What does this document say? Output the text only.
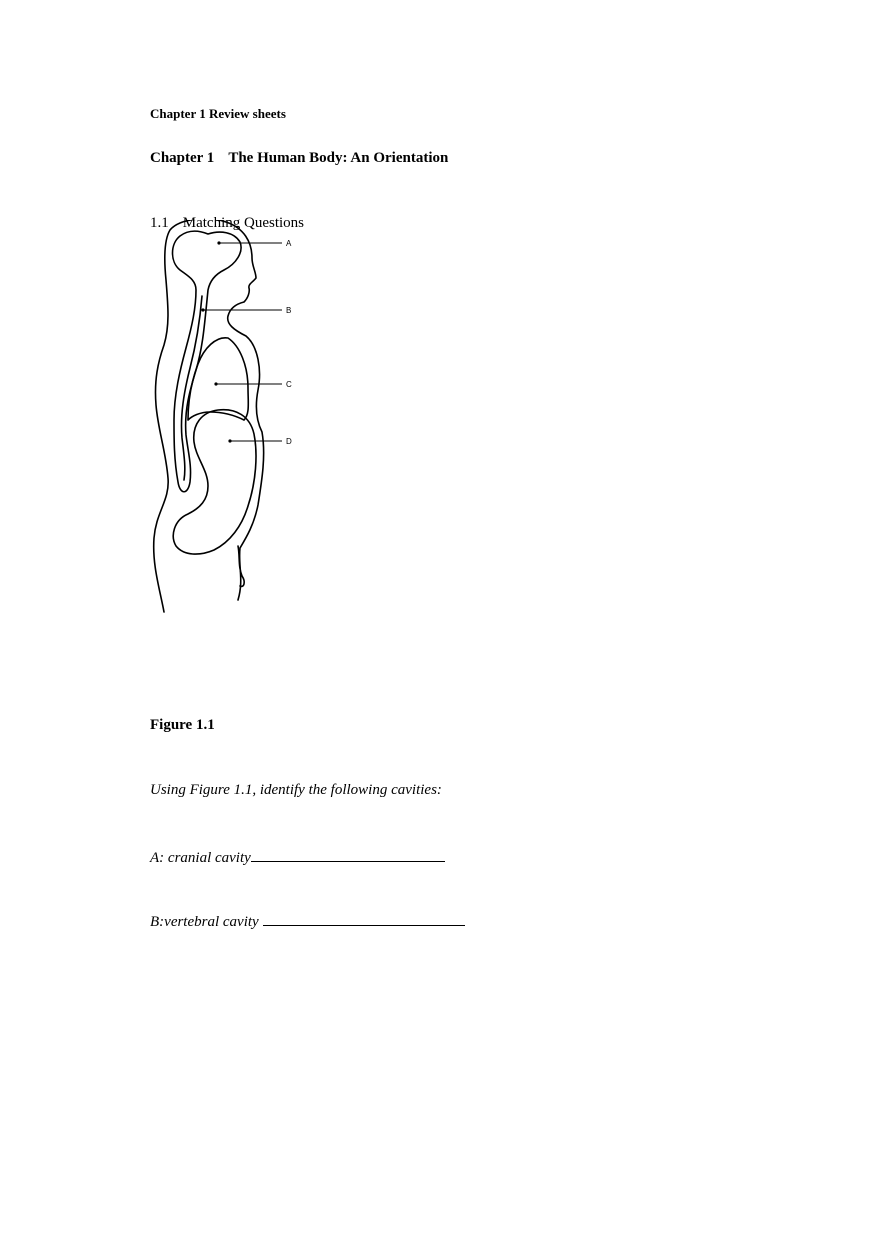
Chapter 1 Review sheets

Chapter 1 The Human Body: An Orientation

A
B
C
D

1.1 Matching Questions

Figure 1.1

Using Figure 1.1, identify the following cavities:

A: cranial cavity

B:vertebral cavity
